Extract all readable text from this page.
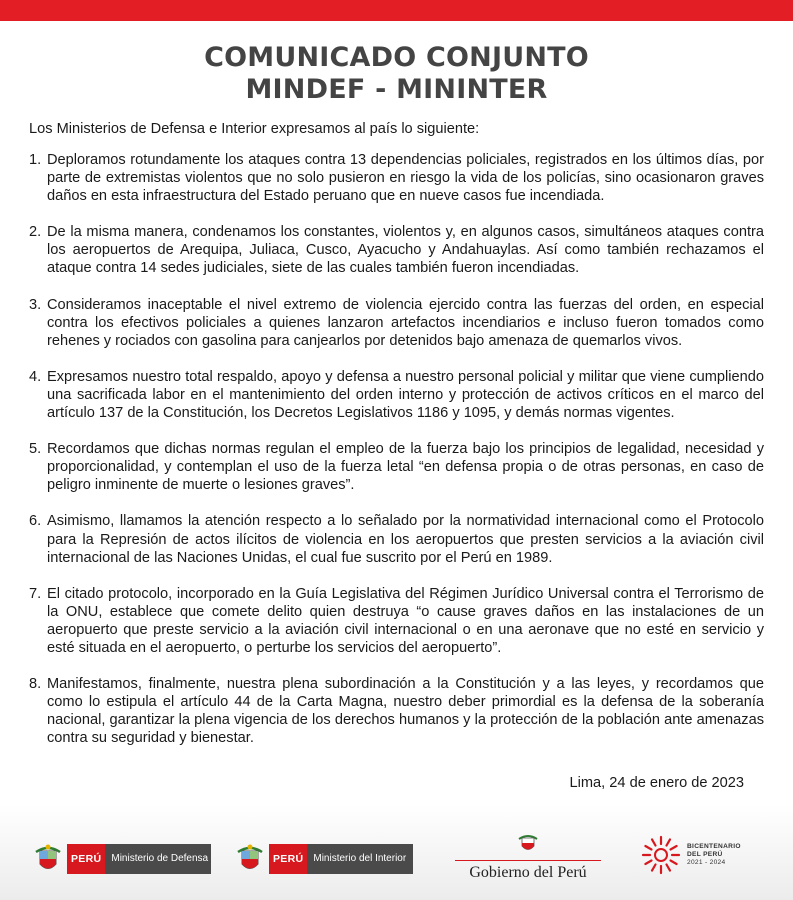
COMUNICADO CONJUNTO
MINDEF - MININTER
Los Ministerios de Defensa e Interior expresamos al país lo siguiente:
1. Deploramos rotundamente los ataques contra 13 dependencias policiales, registrados en los últimos días, por parte de extremistas violentos que no solo pusieron en riesgo la vida de los policías, sino ocasionaron graves daños en esta infraestructura del Estado peruano que en nueve casos fue incendiada.
2. De la misma manera, condenamos los constantes, violentos y, en algunos casos, simultáneos ataques contra los aeropuertos de Arequipa, Juliaca, Cusco, Ayacucho y Andahuaylas. Así como también rechazamos el ataque contra 14 sedes judiciales, siete de las cuales también fueron incendiadas.
3. Consideramos inaceptable el nivel extremo de violencia ejercido contra las fuerzas del orden, en especial contra los efectivos policiales a quienes lanzaron artefactos incendiarios e incluso fueron tomados como rehenes y rociados con gasolina para canjearlos por detenidos bajo amenaza de quemarlos vivos.
4. Expresamos nuestro total respaldo, apoyo y defensa a nuestro personal policial y militar que viene cumpliendo una sacrificada labor en el mantenimiento del orden interno y protección de activos críticos en el marco del artículo 137 de la Constitución, los Decretos Legislativos 1186 y 1095, y demás normas vigentes.
5. Recordamos que dichas normas regulan el empleo de la fuerza bajo los principios de legalidad, necesidad y proporcionalidad, y contemplan el uso de la fuerza letal “en defensa propia o de otras personas, en caso de peligro inminente de muerte o lesiones graves”.
6. Asimismo, llamamos la atención respecto a lo señalado por la normatividad internacional como el Protocolo para la Represión de actos ilícitos de violencia en los aeropuertos que presten servicios a la aviación civil internacional de las Naciones Unidas, el cual fue suscrito por el Perú en 1989.
7. El citado protocolo, incorporado en la Guía Legislativa del Régimen Jurídico Universal contra el Terrorismo de la ONU, establece que comete delito quien destruya “o cause graves daños en las instalaciones de un aeropuerto que preste servicio a la aviación civil internacional o en una aeronave que no esté en servicio y esté situada en el aeropuerto, o perturbe los servicios del aeropuerto”.
8. Manifestamos, finalmente, nuestra plena subordinación a la Constitución y a las leyes, y recordamos que como lo estipula el artículo 44 de la Carta Magna, nuestro deber primordial es la defensa de la soberanía nacional, garantizar la plena vigencia de los derechos humanos y la protección de la población ante amenazas contra su seguridad y bienestar.
Lima, 24 de enero de 2023
PERÚ	Ministerio de Defensa	PERÚ	Ministerio del Interior
Gobierno del Perú
BICENTENARIO
DEL PERÚ
2021 - 2024
